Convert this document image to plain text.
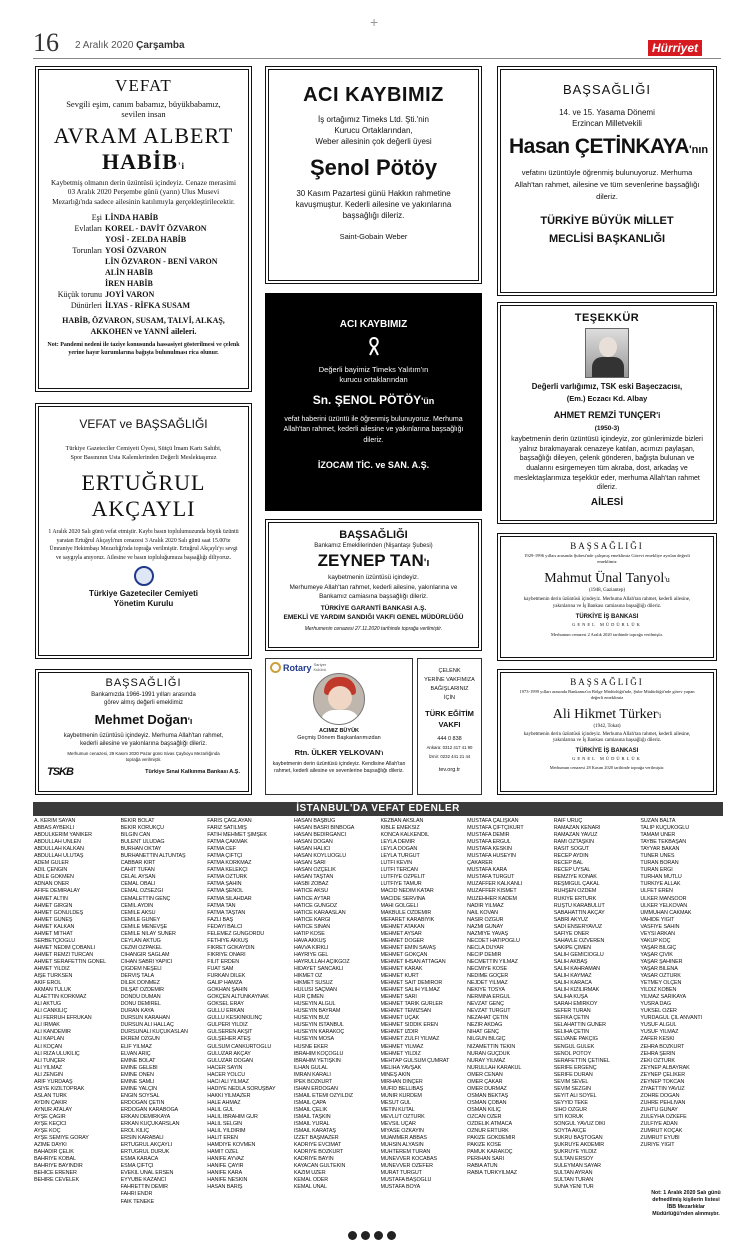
16 2 Aralık 2020 Çarşamba
+
Hürriyet
VEFAT
Sevgili eşim, canım babamız, büyükbabamız, sevilen insan
AVRAM ALBERT
HABİB'i
Kaybetmiş olmanın derin üzüntüsü içindeyiz. Cenaze merasimi 03 Aralık 2020 Perşembe günü (yarın) Ulus Musevi Mezarlığı'nda sadece ailesinin katılımıyla gerçekleştirilecektir.
Eşi LİNDA HABİB
Evlatları KOREL - DAVİT ÖZVARON
YOSİ - ZELDA HABİB
Torunları YOSİ ÖZVARON
LİN ÖZVARON - BENİ VARON
ALİN HABİB
İREN HABİB
Küçük torunu JOYİ VARON
Dünürleri İLYAS - RİFKA SUSAM
HABİB, ÖZVARON, SUSAM, TALVİ, ALKAŞ, AKKOHEN ve YANNİ aileleri.
Not: Pandemi nedeni ile taziye konusunda hassasiyet gösterilmesi ve çelenk yerine hayır kurumlarına bağışta bulunulması rica olunur.
ACI KAYBIMIZ
İş ortağımız Timeks Ltd. Şti.'nin
Kurucu Ortaklarından,
Weber ailesinin çok değerli üyesi
Şenol Pötöy
30 Kasım Pazartesi günü Hakkın rahmetine kavuşmuştur. Kederli ailesine ve yakınlarına başsağlığı dileriz.
Saint-Gobain Weber
BAŞSAĞLIĞI
14. ve 15. Yasama Dönemi
Erzincan Milletvekili
Hasan ÇETİNKAYA'nın
vefatını üzüntüyle öğrenmiş bulunuyoruz. Merhuma Allah'tan rahmet, ailesine ve tüm sevenlerine başsağlığı dileriz.
TÜRKİYE BÜYÜK MİLLET
MECLİSİ BAŞKANLIĞI
ACI KAYBIMIZ
Değerli bayimiz Timeks Yalıtım'ın
kurucu ortaklarından
Sn. ŞENOL PÖTÖY'ün
vefat haberini üzüntü ile öğrenmiş bulunuyoruz. Merhuma Allah'tan rahmet, kederli ailesine ve yakınlarına başsağlığı dileriz.
İZOCAM TİC. ve SAN. A.Ş.
TEŞEKKÜR
Değerli varlığımız, TSK eski Başeczacısı,
(Em.) Eczacı Kd. Albay
AHMET REMZİ TUNÇER'i
(1950-3)
kaybetmenin derin üzüntüsü içindeyiz, zor günlerimizde bizleri yalnız bırakmayarak cenazeye katılan, acımızı paylaşan, başsağlığı dileyen, çelenk gönderen, bağışta bulunan ve dualarını esirgemeyen tüm akraba, dost, arkadaş ve meslektaşlarımıza teşekkür eder, merhuma Allah'tan rahmet dileriz.
AİLESİ
VEFAT ve BAŞSAĞLIĞI
Türkiye Gazeteciler Cemiyeti Üyesi, Sütçü İmam Kartı Sahibi, Spor Basınının Usta Kalemlerinden Değerli Meslektaşımız
ERTUĞRUL
AKÇAYLI
1 Aralık 2020 Salı günü vefat etmiştir. Kaybı basın toplulumuzunda büyük üzüntü yaratan Ertuğrul Akçaylı'nın cenazesi 3 Aralık 2020 Salı günü saat 15.00'te Ümraniye Hekimbaşı Mezarlığı'nda toprağa verilmiştir. Ertuğrul Akçaylı'yı sevgi ve saygıyla anıyoruz. Ailesine ve basın topluluğumuza başsağlığı diliyoruz.
Türkiye Gazeteciler Cemiyeti
Yönetim Kurulu
BAŞSAĞLIĞI
Bankamız Emeklilerinden (Nişantaşı Şubesi)
ZEYNEP TAN'ı
kaybetmenin üzüntüsü içindeyiz.
Merhumeye Allah'tan rahmet, kederli ailesine, yakınlarına ve Bankamız camiasına başsağlığı dileriz.
TÜRKİYE GARANTİ BANKASI A.Ş.
EMEKLİ VE YARDIM SANDIĞI VAKFI GENEL MÜDÜRLÜĞÜ
Merhumenin cenazesi 27.11.2020 tarihinde toprağa verilmiştir.
BAŞSAĞLIĞI
1929-1996 yılları arasında Şubesi'nde çalışmış emeklimiz Görevi emekliye ayrılan değerli emeklimiz
Mahmut Ünal Tanyol'u
(1948, Gaziantep)
kaybetmenin derin üzüntüsü içindeyiz. Merhuma Allah'tan rahmet, kederli ailesine, yakınlarına ve İş Bankası camiasına başsağlığı dileriz.
TÜRKİYE İŞ BANKASI
GENEL MÜDÜRLÜK
Merhumun cenazesi 2 Aralık 2020 tarihinde toprağa verilmiştir.
BAŞSAĞLIĞI
Bankamızda 1966-1991 yılları arasında
görev almış değerli emeklimiz
Mehmet Doğan'ı
kaybetmenin üzüntüsü içindeyiz. Merhuma Allah'tan rahmet, kederli ailesine ve yakınlarına başsağlığı dileriz.
Merhumun cenazesi, 29 Kasım 2020 Pazar günü Sivas Çayboyu Mezarlığında toprağa verilmiştir.
TSKB	Türkiye Sınai Kalkınma Bankası A.Ş.
Rotary Sariyer Kulübü
ACIMIZ BÜYÜK
Geçmiş Dönem Başkanlarımızdan
Rtn. ÜLKER YELKOVAN'ı
kaybetmenin derin üzüntüsü içindeyiz. Kendisine Allah'tan rahmet, kederli ailesine ve sevenlerine başsağlığı dileriz.
ÇELENK
YERİNE VAKFIMIZA
BAĞIŞLARINIZ
İÇİN
TÜRK EĞİTİM
VAKFI
444 0 838
Ankara: 0312 417 41 90
İzmir: 0232 441 21 44
tev.org.tr
BAŞSAĞLIĞI
1973-1999 yılları arasında Bankamız'ın Bölge Müdürlüğü'nde, Şube Müdürlüğü'nde görev yapan değerli emeklimiz
Ali Hikmet Türker'i
(1942, Tokat)
kaybetmenin derin üzüntüsü içindeyiz. Merhuma Allah'tan rahmet, kederli ailesine, yakınlarına ve İş Bankası camiasına başsağlığı dileriz.
TÜRKİYE İŞ BANKASI
GENEL MÜDÜRLÜK
Merhumun cenazesi 28 Kasım 2020 tarihinde toprağa verilmiştir.
İSTANBUL'DA VEFAT EDENLER
A. KERİM SAYAN
ABBAS AYBEKLİ
ABDULKERİM YANIKER
ABDULLAH ÜNLEN
ABDULLAH KALKAN
ABDULLAH ULUTAŞ
ADEM GÜLER
ADİL ÇENGİN
ADİLE GÖKMEN
ADNAN ÖNER
AFİFE DEMİRALAY
AHMET ALTIN
AHMET GİRGİN
AHMET GÖNÜLDEŞ
AHMET GÜNEŞ
AHMET KALKAN
AHMET MİTHAT
SERBETÇİOĞLU
AHMET NEDİM ÇOBANLI
AHMET REMZİ TÜRCAN
AHMET SERAFETTİN GÖNEL
AHMET YILDIZ
AİŞE TÜRKSEN
AKİF EROL
AKMAN TÜLÜK
ALAETTİN KORKMAZ
ALİ AKTUĞ
ALİ CANKILIÇ
ALİ FERRUH EFRUKAN
ALİ İRMAK
ALİ KANDEMİR
ALİ KAPLAN
ALİ KOÇAN
ALİ RIZA ULUKILIÇ
ALİ TUNÇER
ALİ YILMAZ
ALİ ZENGİN
ARİF YURDAAŞ
ASIYE KIZILTOPRAK
ASLAN TÜRK
AYDIN ÇAKIR
AYNUR ATALAY
AYŞE ÇAĞIR
AYŞE KEÇİCİ
AYŞE KOÇ
AYŞE SEMİYE GÖRAY
AZİME DAYKI
BAHADIR ÇELİK
BAHRİYE KOBAL
BAHRİYE BAYINDIR
BEHİCE ERENER
BEHİRE CEVELEK
BEKİR BOLAT
BEKİR KÖRÜKÇÜ
BİLGİN CAN
BÜLENT ULUDAĞ
BURHAN OKTAY
BURHANETTİN ALTUNTAŞ
CABBAR KIRT
CAHİT TUFAN
CELAL AYSAN
CEMAL OBALI
CEMAL ÖZSEZGİ
CEMALETTİN GENÇ
CEMİL AYDIN
CEMİLE AKSU
CEMİLE GÜNEY
CEMİLE MENEVŞE
CEMİLE NİLAY SÜNER
CEYLAN AKTUĞ
CEZMİ ÖZPAKEL
CİHANGİR SAĞLAM
CİHAN SABRİ YAPICI
ÇİĞDEM NEŞELİ
DERVİŞ TALA
DİLEK DÖNMEZ
DİLŞAT ÖZDEMİR
DÖNDÜ DUMAN
DÖNÜ DEMİREL
DURAN KAYA
DURSUN KARAHAN
DURSUN ALİ HALLAÇ
DURSUNALİ KÜÇÜKASLAN
EKREM ÖZGÜN
ELİF YILMAZ
ELVAN ARIÇ
EMİNE BOLAT
EMİNE GELEBİ
EMİNE ÖNEN
EMİNE SAMLI
EMİNE YALÇIN
ENGİN SOYSAL
ERDOĞAN ÇETİN
ERDOĞAN KARABOĞA
ERKAN DEMİRKAYA
ERKAN KÜÇÜKARSLAN
EROL KILIÇ
ERSİN KARABALI
ERTUĞRUL AKÇAYLI
ERTUĞRUL DURUK
ESMA KARACA
ESMA ÇİFTÇİ
EVEKİL ÜNAL ERSEN
EYYÜBE KAZANCI
FAHRETTİN DEMİR
FAHRİ ENDR
FAİK TENEKE
FARİS ÇAĞLAYAN
FARİZ SATILMIŞ
FATİH MEHMET ŞİMŞEK
FATMA ÇAKMAK
FATMA CEF
FATMA ÇİFTÇİ
FATMA KORKMAZ
FATMA KELEKÇİ
FATMA ÖZTÜRK
FATMA ŞAHİN
FATMA ŞENOL
FATMA SİLAHDAR
FATMA TAN
FATMA TAŞTAN
FAZLI BAŞ
FEDAYİ BALCI
FELEMEZ GÜNGÖRDÜ
FETHİYE AKKUŞ
FİKRET GÖKAYDIN
FİKRİYE ONARI
FİLİT ERDEN
FUAT SAM
FURKAN DİLEK
GALİP HAMZA
GÖKHAN ŞAHİN
GÖKÇEN ALTUNKAYNAK
GÖKSEL ERAY
GÜLLÜ ERKAN
GÜLLÜ KESKİNKILINÇ
GÜLPERİ YILDIZ
GÜLSEREN AKŞİT
GÜLŞEHER ATEŞ
GÜLSÜM CANKURTOĞLU
GÜLÜZAR AKÇAY
GÜLÜZAR DOĞAN
HACER SAYIN
HACER YOLCU
HACI ALİ YILMAZ
HADİYE NEDLA SORUŞBAY
HAKKI YILMAZER
HALE AHMAZ
HALİL GÜL
HALİL İBRAHİM GÜR
HALİL SELGİN
HALİL YILDIRIM
HALİT EREN
HAMDİYE KOVMEN
HAMİT ÖZEL
HANIFE AYVAZ
HANİFE ÇAYIR
HANİFE KARA
HANİFE NESKİN
HASAN BARIŞ
HASAN BAŞBUĞ
HASAN BASRİ BİNBOĞA
HASAN BEDİRGANCI
HASAN DOĞAN
HASAN HALICI
HASAN KÖYLÜOĞLU
HASAN SARI
HASAN ÖZÇELİK
HASAN TAŞTAN
HASBİ ZOBAZ
HATİCE AKSU
HATİCE AYTAR
HATİCE GÜNGÖZ
HATİCE KARAASLAN
HATİCE KARGI
HATİCE SİNAN
HATİP KÖSE
HAVA AKKUŞ
HAVVA KIRKLI
HAYRİYE GEL
HAYRULLAH AÇIKGÖZ
HİDAYET SANCAKLI
HİKMET ÖZ
HİKMET SUSUZ
HULUSİ SAÇMAN
HÜR ÇİMEN
HÜSEYİN ALGÜL
HÜSEYİN BAYRAM
HÜSEYİN BUZ
HÜSEYİN İSTANBUL
HÜSEYİN KARAKOÇ
HÜSEYİN MOSA
HÜSNE EKER
İBRAHİM KOÇOĞLU
İBRAHİM YETİŞKİN
İLHAN GÜLAL
İMRAN KARALI
İPEK BOZKURT
İSHAN ERDOĞAN
İSMAİL ETEMİ ÖZYILDIZ
İSMAİL ÇAPA
İSMAİL ÇELİK
İSMAİL TAŞKIN
İSMAİL YURAL
İSMAİL KARATAŞ
İZZET BAŞMAZER
KADRİYE EVCİMAT
KADRİYE BOZKURT
KADRİYE BAYIN
KAYACAN GÜLTEKİN
KAZIM ÜZER
KEMAL ÖDER
KEMAL ÜNAL
KEZBAN AKSLAN
KIBLE EMEKSİZ
KONCA KALKENDİL
LEYLA DEMİR
LEYLA DOĞAN
LEYLA TURGUT
LÜTFİ KEVİN
LÜTFİ TERCAN
LÜTFİYE ÖZPELİT
LÜTFİYE TAMUR
MACİD NEDİM KATAR
MACİDE SERVİNA
MAHİ GÖLGELİ
MAKBULE ÖZDEMİR
MEFARET KARABIYIK
MEHMET ATAKAN
MEHMET AYSAR
MEHMET DÖĞER
MEHMET EMİN SAVAŞ
MEHMET GÖKÇAN
MEHMET İHSAN ATTAGAN
MEHMET KARAK
MEHMET KURT
MEHMET SAİT DEMİRÖR
MEHMET SALİH YILMAZ
MEHMET SARI
MEHMET TARIK GÜRLER
MEHMET TEMİZSAN
MEHMET UÇAK
MEHMET SİDDIK EREN
MEHMET İZDİR
MEHMET ZÜLFİ YILMAZ
MEHMET YILMAZ
MEHMET YILDIZ
MEHTAP GÜLSÜM ÇUMRAT
MELİHA YAVŞAK
MİNEŞ AKIN
MİRHAN DİNÇER
MÜFİD BELLİBAŞ
MÜNİR KURDEM
MESUT GÜL
METİN KÜTAL
MEVLÜT ÖZTÜRK
MEVSİL UÇAR
MİYASE ÖZKAYIN
MUAMMER ABBAS
MUHSİN ALYASİN
MUHTEREM TURAN
MÜNEVVER KOCABAS
MÜNEVVER ÖZEFER
MURAT TURGUT
MUSTAFA BAŞOĞLU
MUSTAFA BOYA
MUSTAFA ÇALIŞKAN
MUSTAFA ÇİFTÇİKURT
MUSTAFA DEMİR
MUSTAFA ERGÜL
MUSTAFA KESKİN
MUSTAFA HÜSEYİN
ÇAKARER
MUSTAFA KARA
MUSTAFA TURGUT
MUZAFFER KALKANLI
MUZAFFER KISMET
MÜZEHHER KADEM
NADİR YILMAZ
NAİL KOVAN
NASIR ÖZGÜR
NAZMİ GÜNAY
NAZMİYE YAVAŞ
NECDET HATİPOĞLU
NECLA DUYAR
NECİP DEMİR
NECMETTİN YILMAZ
NECMİYE KOSE
NEDİME GÖÇER
NEJDET YILMAZ
NEKİYE TOSYA
NERMİNA ERGÜL
NEVZAT GENÇ
NEVZAT TURGUT
NEZAHAT ÇETİN
NEZİR AKDAĞ
NİHAT GENÇ
NİLGÜN BİLGİÇ
NİZAMETTİN TEKİN
NURAN GÜÇDÜK
NURAY YILMAZ
NURULLAH KARAKUL
ÖMER CENAN
ÖMER ÇAKAR
ÖMER DURMAZ
OSMAN BEKTAŞ
OSMAN ÇOBAN
OSMAN KILIÇ
OZCAN ÖZER
ÖZDELİK ATMACA
ÖZNUR ERTÜRK
PAKİZE GÖKDEMİR
PAKİZE KÖSE
PAMUK KARAKOÇ
PERIHAN SARI
RABİA ATUN
RABİA TÜRKYILMAZ
RAİF URUÇ
RAMAZAN KENARI
RAMAZAN YAVUZ
RAMİ ÖZTAŞKIN
RASİT SÖĞÜT
RECEP AYDIN
RECEP BAL
RECEP UYSAL
REMZİYE KONAK
REŞMİGÜL ÇAKAL
RUHŞEN ÖZDEM
RÜKİYE ERTÜRK
RÜŞTÜ KARABULUT
SABAHATTİN AKÇAY
SABRİ AKYÜZ
SADİ ENSERYAVUZ
SAFİYE ÖNER
SAHAVLE ÖZVEREN
SAKİPE ÇİMEN
SALİH GEMİCİOĞLU
SALİH AKBAŞ
SALİH KAHRAMAN
SALİH KAYMAZ
SALİH KARACA
SALİH KIZILIRMAK
SALİHA KUŞA
SARAH EMİRKOY
SEFER TURAN
SEFİKA ÇETİN
SELAHATTİN GÜNER
SELİHA ÇETİN
SELVANE PAKÇİĞ
SENGÜL GÜLEK
SENOL PÖTÖY
SERAFETTİN ÇETİNEL
SERİFE ERGENÇ
SERİFE DURAN
SEVİM SEVEL
SEVİM SEZGİN
SEYİT ALİ SOYEL
SEYYİD TEKE
SIHO ÖZGÜR
SİTİ KORUK
SONGÜL YAVUZ DİKİ
SOYTA AKÇE
SÜKRÜ BAŞTOĞAN
ŞÜKRÜYE AKDEMİR
ŞÜKRÜYE YILDIZ
SULTAN ERSOY
SÜLEYMAN SAYAR
SULTAN AYRAN
SULTAN TURAN
SUNA YENİ TÜR
SUZAN BALTA
TALİP KÜÇÜKOĞLU
TAMAM ÜNER
TAYBE TEKBAŞAN
TAYYAR BAKAN
TÜNER ÜNES
TURAN BORAN
TURAN ERGİ
TURHAN MUTLU
TÜRKİYE ALLAK
ÜLFET EREN
ÜLKER MANSOOR
ÜLKER YELKOVAN
ÜMMÜHAN CAKMAK
VAHİDE YİĞİT
VASFİYE SAHİN
VEYSİ ARKAN
YAKUP KOÇ
YAŞAR BİLGİÇ
YAŞAR ÇİVİK
YAŞAR ŞAHİNER
YAŞAR BİLENA
YASAR ÖZTÜRK
YETMEY ÖLÇEN
YILDIZ KOBEN
YILMAZ SARIKAYA
YUSRA DAĞ
YÜKSEL ÖZER
YURDAGÜL ÇİL ANVANTI
YUSUF ALGÜL
YUSUF YILMAZ
ZAFER KESKİ
ZEHRA BOZKURT
ZEHRA ŞERİN
ZEKİ ÖZTÜRK
ZEYNEP ALBAYRAK
ZEYNEP ÇELİKER
ZEYNEP TOKCAN
ZİYAETTİN YAVUZ
ZÖHRE DOĞAN
ZÜHRE PEHLİVAN
ZÜHTÜ GÜNAY
ZÜLEYHA ÖZKEFE
ZÜLFİYE ADAN
ZÜMRÜT KOÇAK
ZÜMRÜT EYÜBİ
ZÜRİYE YİĞİT
Not: 1 Aralık 2020 Salı günü defnedilmiş kişilerin listesi İBB Mezarlıklar Müdürlüğü'nden alınmıştır.
